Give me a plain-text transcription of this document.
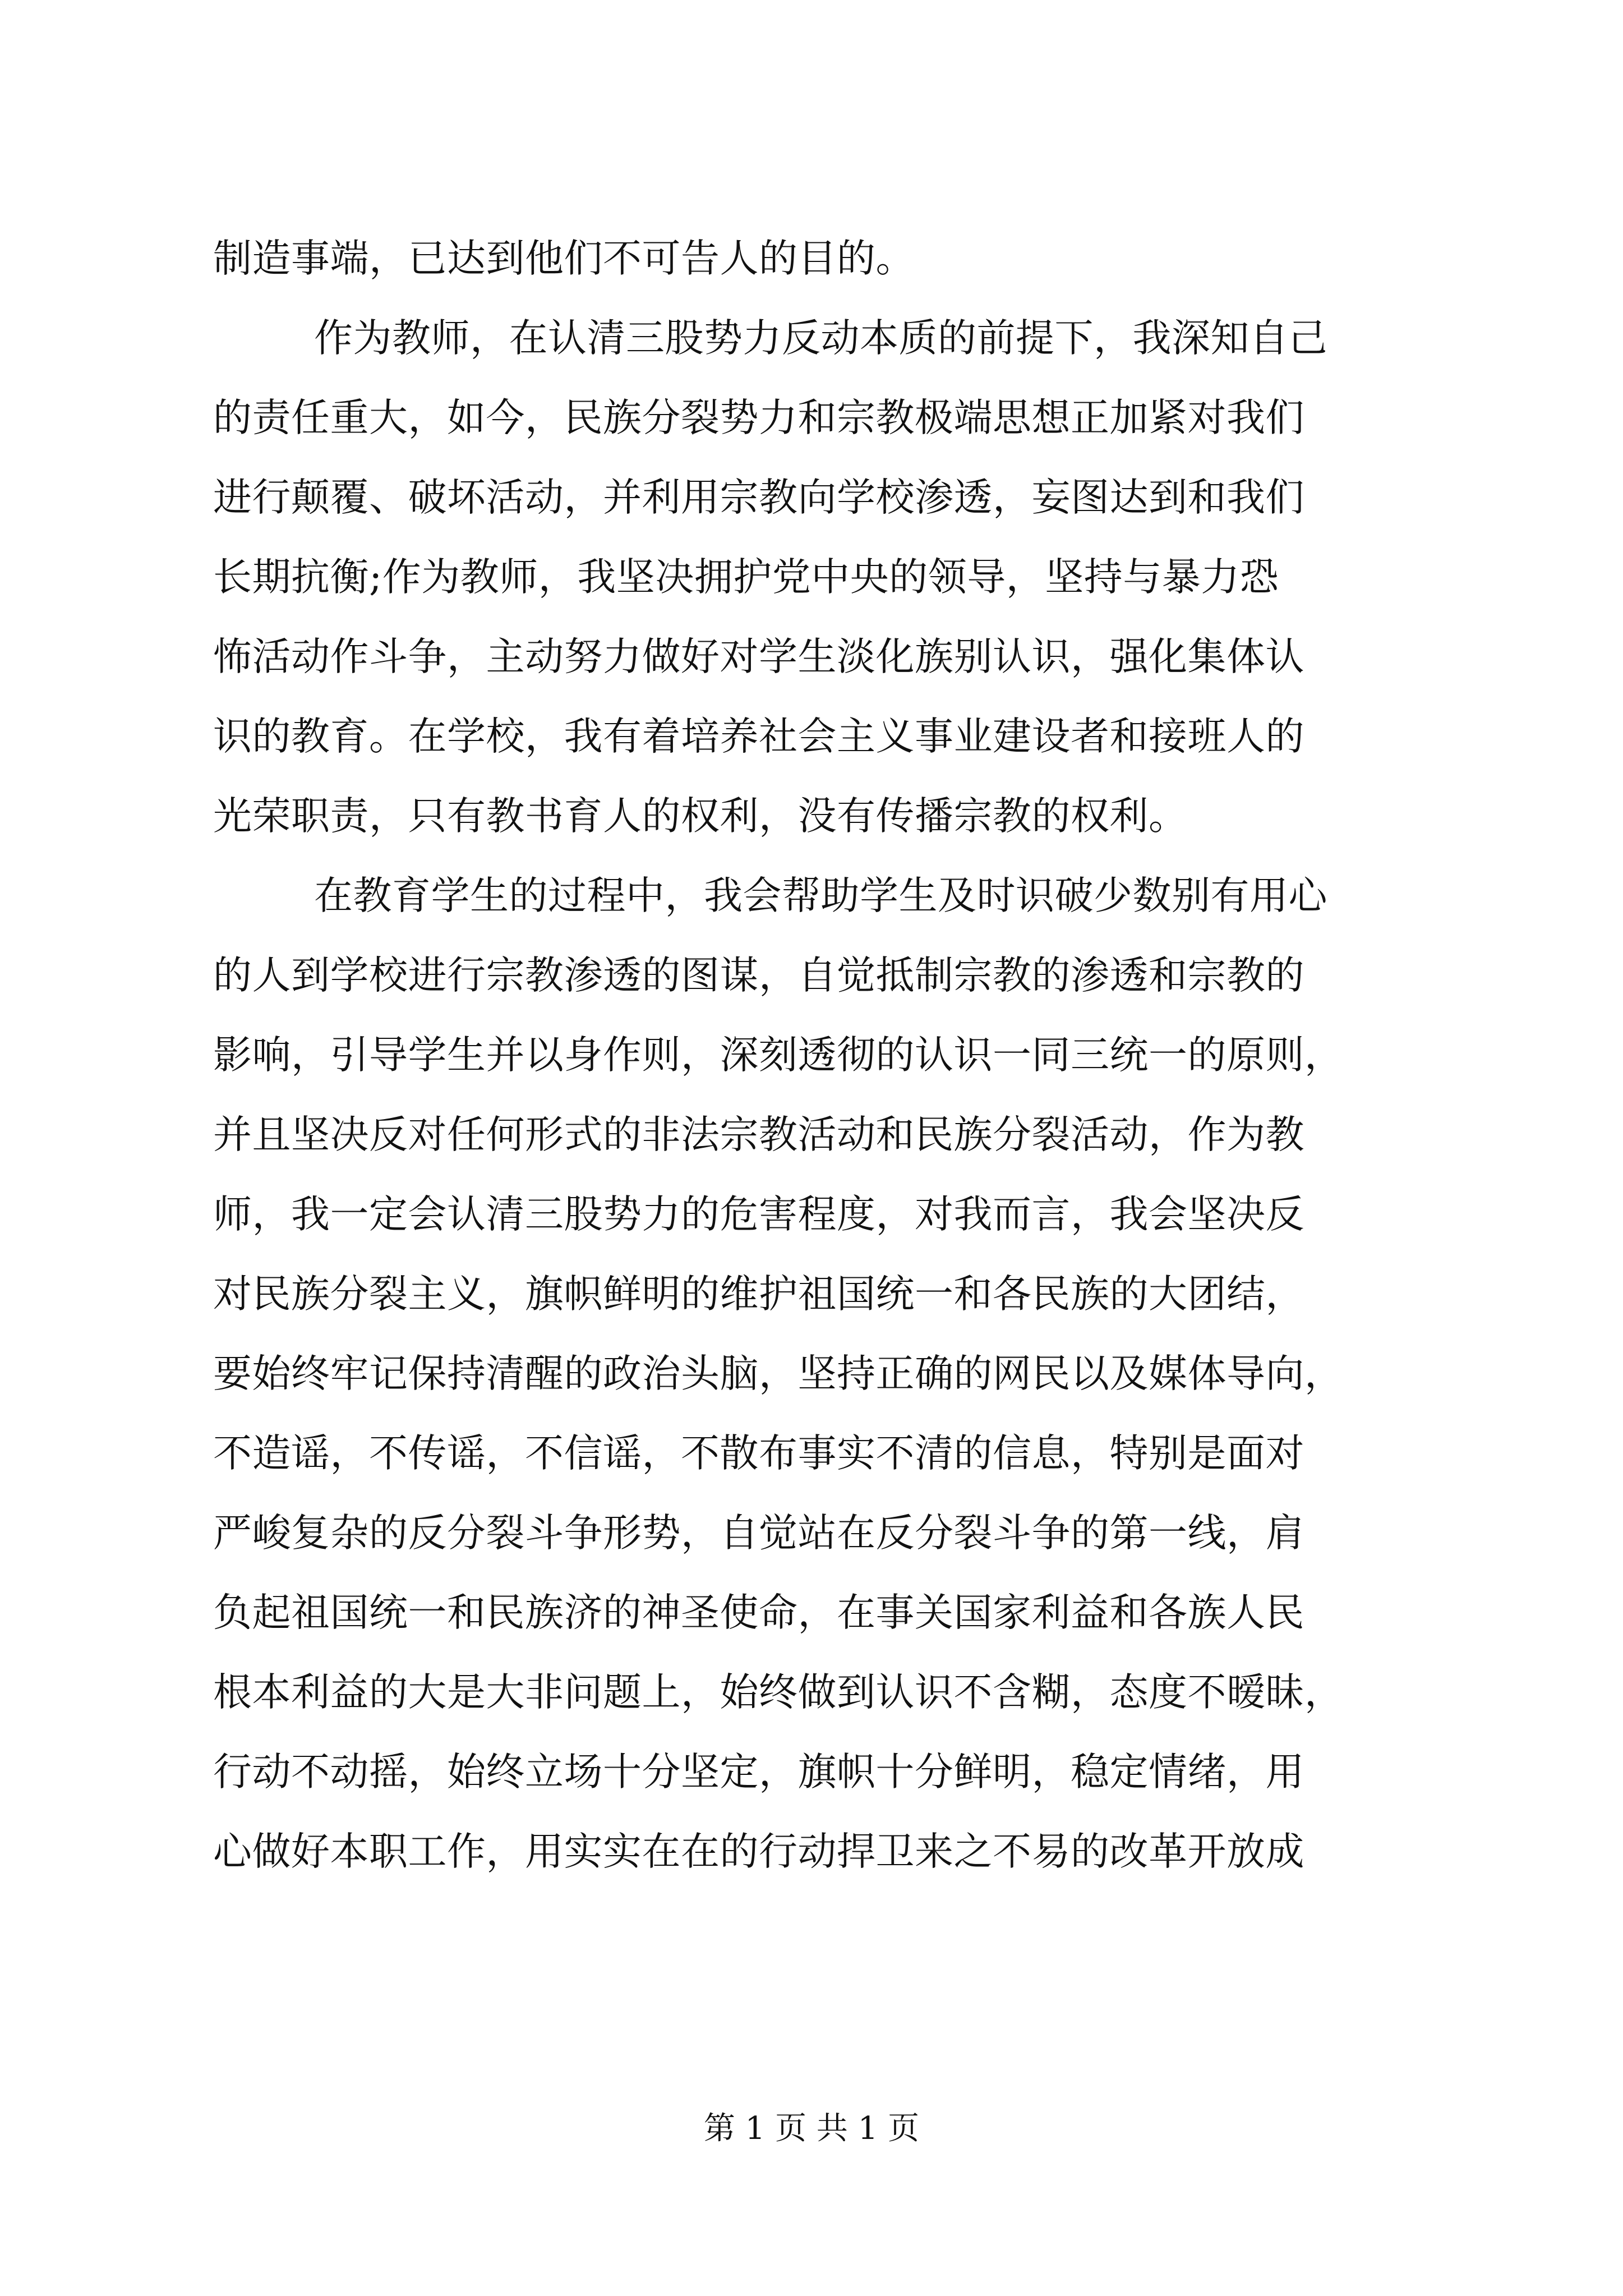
制造事端，已达到他们不可告人的目的。
作为教师，在认清三股势力反动本质的前提下，我深知自己
的责任重大，如今，民族分裂势力和宗教极端思想正加紧对我们
进行颠覆、破坏活动，并利用宗教向学校渗透，妄图达到和我们
长期抗衡;作为教师，我坚决拥护党中央的领导，坚持与暴力恐
怖活动作斗争，主动努力做好对学生淡化族别认识，强化集体认
识的教育。在学校，我有着培养社会主义事业建设者和接班人的
光荣职责，只有教书育人的权利，没有传播宗教的权利。
在教育学生的过程中，我会帮助学生及时识破少数别有用心
的人到学校进行宗教渗透的图谋，自觉抵制宗教的渗透和宗教的
影响，引导学生并以身作则，深刻透彻的认识一同三统一的原则，
并且坚决反对任何形式的非法宗教活动和民族分裂活动，作为教
师，我一定会认清三股势力的危害程度，对我而言，我会坚决反
对民族分裂主义，旗帜鲜明的维护祖国统一和各民族的大团结，
要始终牢记保持清醒的政治头脑，坚持正确的网民以及媒体导向，
不造谣，不传谣，不信谣，不散布事实不清的信息，特别是面对
严峻复杂的反分裂斗争形势，自觉站在反分裂斗争的第一线，肩
负起祖国统一和民族济的神圣使命，在事关国家利益和各族人民
根本利益的大是大非问题上，始终做到认识不含糊，态度不暧昧，
行动不动摇，始终立场十分坚定，旗帜十分鲜明，稳定情绪，用
心做好本职工作，用实实在在的行动捍卫来之不易的改革开放成
第 1 页 共 1 页
